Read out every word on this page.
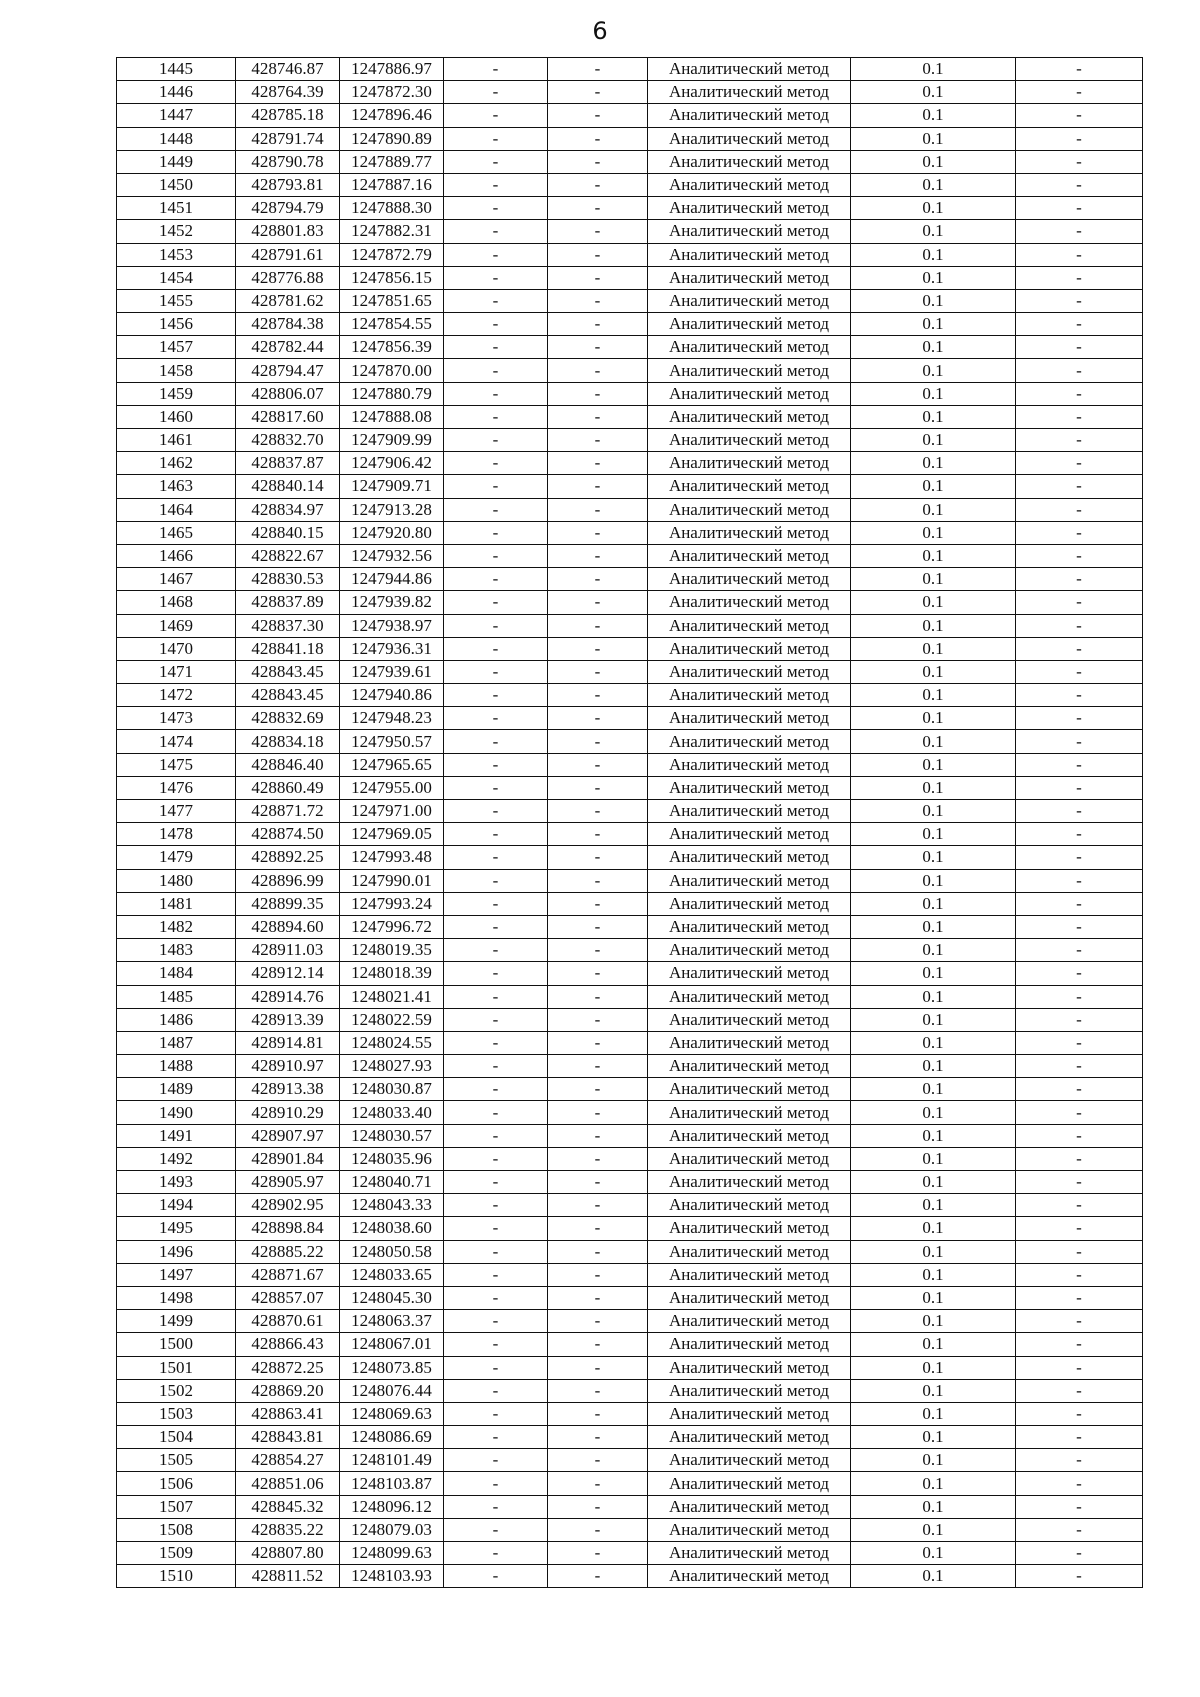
6
1445	428746.87	1247886.97	-	-	Аналитический метод	0.1	-
1446	428764.39	1247872.30	-	-	Аналитический метод	0.1	-
1447	428785.18	1247896.46	-	-	Аналитический метод	0.1	-
1448	428791.74	1247890.89	-	-	Аналитический метод	0.1	-
1449	428790.78	1247889.77	-	-	Аналитический метод	0.1	-
1450	428793.81	1247887.16	-	-	Аналитический метод	0.1	-
1451	428794.79	1247888.30	-	-	Аналитический метод	0.1	-
1452	428801.83	1247882.31	-	-	Аналитический метод	0.1	-
1453	428791.61	1247872.79	-	-	Аналитический метод	0.1	-
1454	428776.88	1247856.15	-	-	Аналитический метод	0.1	-
1455	428781.62	1247851.65	-	-	Аналитический метод	0.1	-
1456	428784.38	1247854.55	-	-	Аналитический метод	0.1	-
1457	428782.44	1247856.39	-	-	Аналитический метод	0.1	-
1458	428794.47	1247870.00	-	-	Аналитический метод	0.1	-
1459	428806.07	1247880.79	-	-	Аналитический метод	0.1	-
1460	428817.60	1247888.08	-	-	Аналитический метод	0.1	-
1461	428832.70	1247909.99	-	-	Аналитический метод	0.1	-
1462	428837.87	1247906.42	-	-	Аналитический метод	0.1	-
1463	428840.14	1247909.71	-	-	Аналитический метод	0.1	-
1464	428834.97	1247913.28	-	-	Аналитический метод	0.1	-
1465	428840.15	1247920.80	-	-	Аналитический метод	0.1	-
1466	428822.67	1247932.56	-	-	Аналитический метод	0.1	-
1467	428830.53	1247944.86	-	-	Аналитический метод	0.1	-
1468	428837.89	1247939.82	-	-	Аналитический метод	0.1	-
1469	428837.30	1247938.97	-	-	Аналитический метод	0.1	-
1470	428841.18	1247936.31	-	-	Аналитический метод	0.1	-
1471	428843.45	1247939.61	-	-	Аналитический метод	0.1	-
1472	428843.45	1247940.86	-	-	Аналитический метод	0.1	-
1473	428832.69	1247948.23	-	-	Аналитический метод	0.1	-
1474	428834.18	1247950.57	-	-	Аналитический метод	0.1	-
1475	428846.40	1247965.65	-	-	Аналитический метод	0.1	-
1476	428860.49	1247955.00	-	-	Аналитический метод	0.1	-
1477	428871.72	1247971.00	-	-	Аналитический метод	0.1	-
1478	428874.50	1247969.05	-	-	Аналитический метод	0.1	-
1479	428892.25	1247993.48	-	-	Аналитический метод	0.1	-
1480	428896.99	1247990.01	-	-	Аналитический метод	0.1	-
1481	428899.35	1247993.24	-	-	Аналитический метод	0.1	-
1482	428894.60	1247996.72	-	-	Аналитический метод	0.1	-
1483	428911.03	1248019.35	-	-	Аналитический метод	0.1	-
1484	428912.14	1248018.39	-	-	Аналитический метод	0.1	-
1485	428914.76	1248021.41	-	-	Аналитический метод	0.1	-
1486	428913.39	1248022.59	-	-	Аналитический метод	0.1	-
1487	428914.81	1248024.55	-	-	Аналитический метод	0.1	-
1488	428910.97	1248027.93	-	-	Аналитический метод	0.1	-
1489	428913.38	1248030.87	-	-	Аналитический метод	0.1	-
1490	428910.29	1248033.40	-	-	Аналитический метод	0.1	-
1491	428907.97	1248030.57	-	-	Аналитический метод	0.1	-
1492	428901.84	1248035.96	-	-	Аналитический метод	0.1	-
1493	428905.97	1248040.71	-	-	Аналитический метод	0.1	-
1494	428902.95	1248043.33	-	-	Аналитический метод	0.1	-
1495	428898.84	1248038.60	-	-	Аналитический метод	0.1	-
1496	428885.22	1248050.58	-	-	Аналитический метод	0.1	-
1497	428871.67	1248033.65	-	-	Аналитический метод	0.1	-
1498	428857.07	1248045.30	-	-	Аналитический метод	0.1	-
1499	428870.61	1248063.37	-	-	Аналитический метод	0.1	-
1500	428866.43	1248067.01	-	-	Аналитический метод	0.1	-
1501	428872.25	1248073.85	-	-	Аналитический метод	0.1	-
1502	428869.20	1248076.44	-	-	Аналитический метод	0.1	-
1503	428863.41	1248069.63	-	-	Аналитический метод	0.1	-
1504	428843.81	1248086.69	-	-	Аналитический метод	0.1	-
1505	428854.27	1248101.49	-	-	Аналитический метод	0.1	-
1506	428851.06	1248103.87	-	-	Аналитический метод	0.1	-
1507	428845.32	1248096.12	-	-	Аналитический метод	0.1	-
1508	428835.22	1248079.03	-	-	Аналитический метод	0.1	-
1509	428807.80	1248099.63	-	-	Аналитический метод	0.1	-
1510	428811.52	1248103.93	-	-	Аналитический метод	0.1	-
